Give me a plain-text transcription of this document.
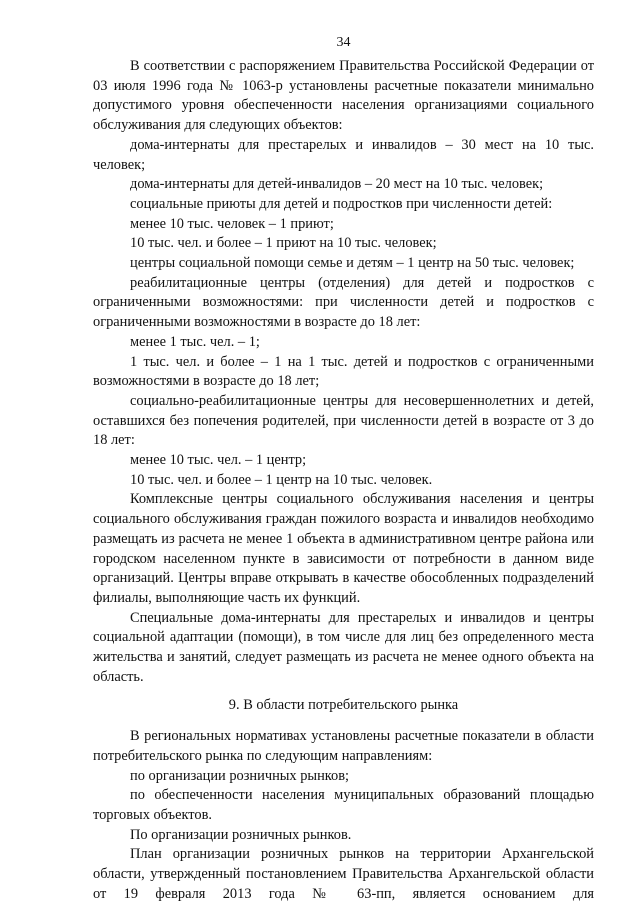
34

В соответствии с распоряжением Правительства Российской Федерации от 03 июля 1996 года № 1063-р установлены расчетные показатели минимально допустимого уровня обеспеченности населения организациями социального обслуживания для следующих объектов:

дома-интернаты для престарелых и инвалидов – 30 мест на 10 тыс. человек;

дома-интернаты для детей-инвалидов – 20 мест на 10 тыс. человек;

социальные приюты для детей и подростков при численности детей:

менее 10 тыс. человек – 1 приют;

10 тыс. чел. и более – 1 приют на 10 тыс. человек;

центры социальной помощи семье и детям – 1 центр на 50 тыс. человек;

реабилитационные центры (отделения) для детей и подростков с ограниченными возможностями: при численности детей и подростков с ограниченными возможностями в возрасте до 18 лет:

менее 1 тыс. чел. – 1;

1 тыс. чел. и более – 1 на 1 тыс. детей и подростков с ограниченными возможностями в возрасте до 18 лет;

социально-реабилитационные центры для несовершеннолетних и детей, оставшихся без попечения родителей, при численности детей в возрасте от 3 до 18 лет:

менее 10 тыс. чел. – 1 центр;

10 тыс. чел. и более – 1 центр на 10 тыс. человек.

Комплексные центры социального обслуживания населения и центры социального обслуживания граждан пожилого возраста и инвалидов необходимо размещать из расчета не менее 1 объекта в административном центре района или городском населенном пункте в зависимости от потребности в данном виде организаций. Центры вправе открывать в качестве обособленных подразделений филиалы, выполняющие часть их функций.

Специальные дома-интернаты для престарелых и инвалидов и центры социальной адаптации (помощи), в том числе для лиц без определенного места жительства и занятий, следует размещать из расчета не менее одного объекта на область.

9. В области потребительского рынка

В региональных нормативах установлены расчетные показатели в области потребительского рынка по следующим направлениям:

по организации розничных рынков;

по обеспеченности населения муниципальных образований площадью торговых объектов.

По организации розничных рынков.

План организации розничных рынков на территории Архангельской области, утвержденный постановлением Правительства Архангельской области от 19 февраля 2013 года № 63-пп, является основанием для
